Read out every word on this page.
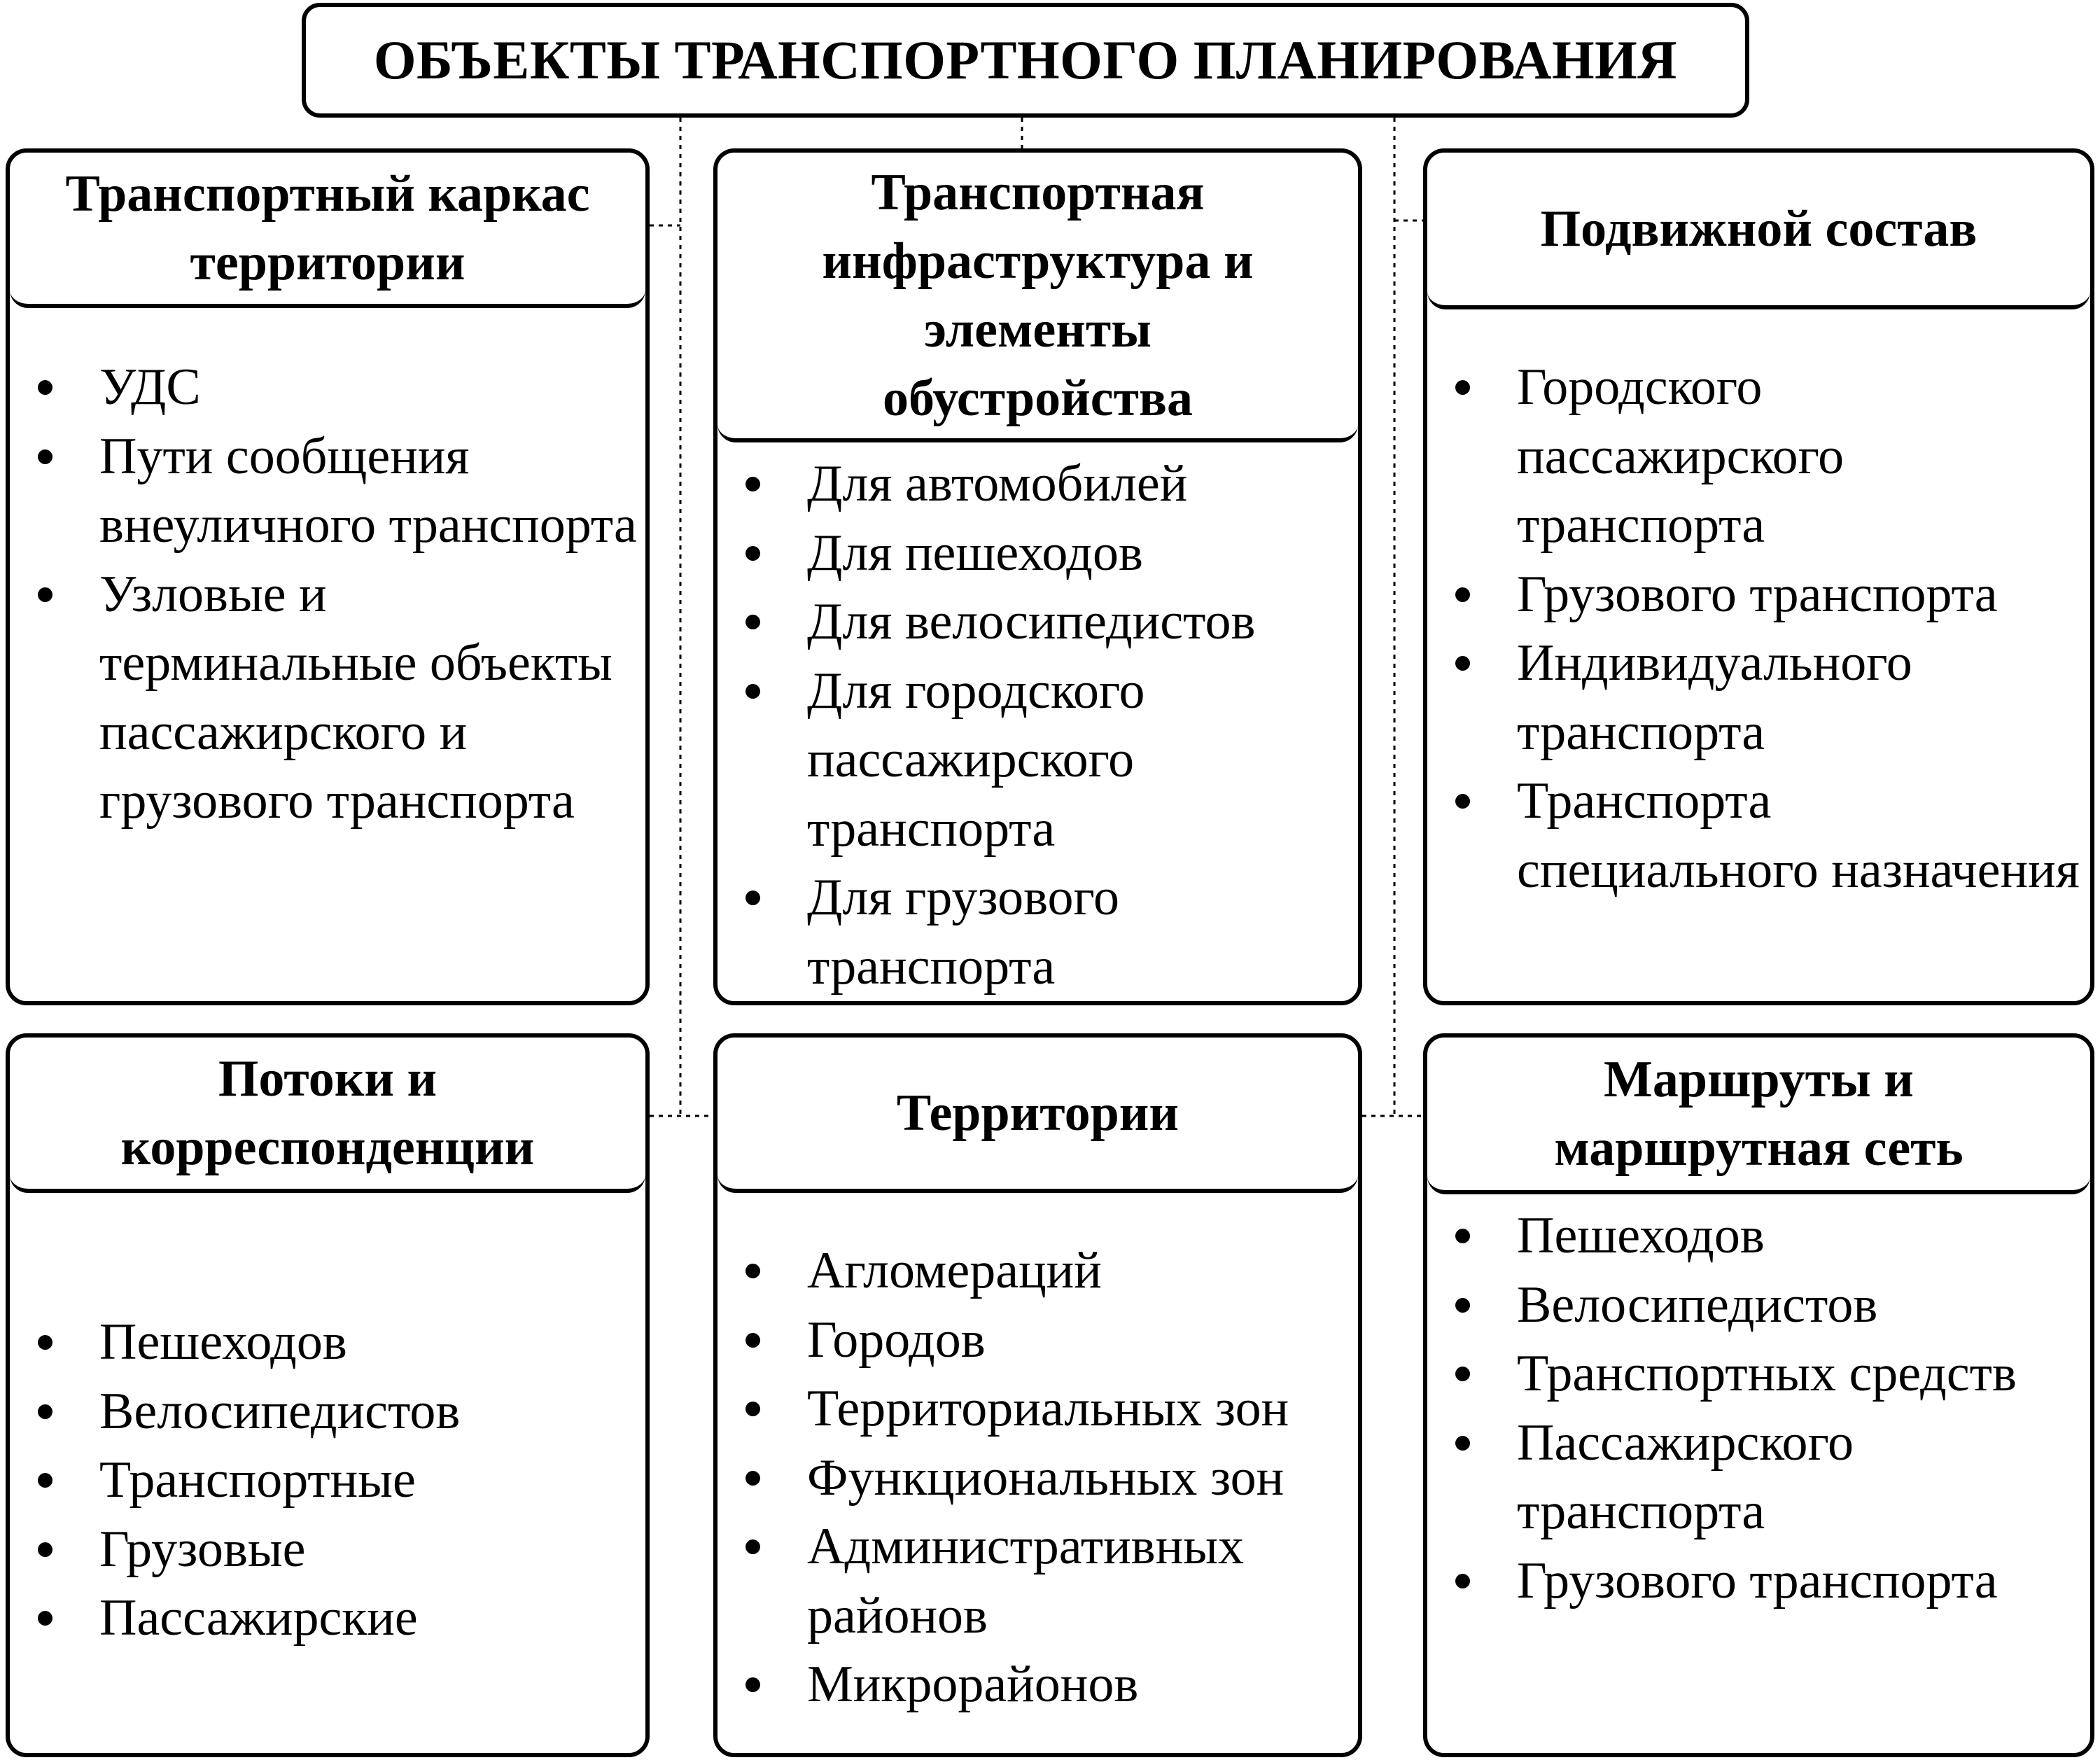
ОБЪЕКТЫ ТРАНСПОРТНОГО ПЛАНИРОВАНИЯ
Транспортный каркас территории
УДС
Пути сообщения внеуличного транспорта
Узловые и терминальные объекты пассажирского и грузового транспорта
Транспортная инфраструктура и элементы обустройства
Для автомобилей
Для пешеходов
Для велосипедистов
Для городского пассажирского транспорта
Для грузового транспорта
Подвижной состав
Городского пассажирского транспорта
Грузового транспорта
Индивидуального транспорта
Транспорта специального назначения
Потоки и корреспонденции
Пешеходов
Велосипедистов
Транспортные
Грузовые
Пассажирские
Территории
Агломераций
Городов
Территориальных зон
Функциональных зон
Административных районов
Микрорайонов
Маршруты и маршрутная сеть
Пешеходов
Велосипедистов
Транспортных средств
Пассажирского транспорта
Грузового транспорта
